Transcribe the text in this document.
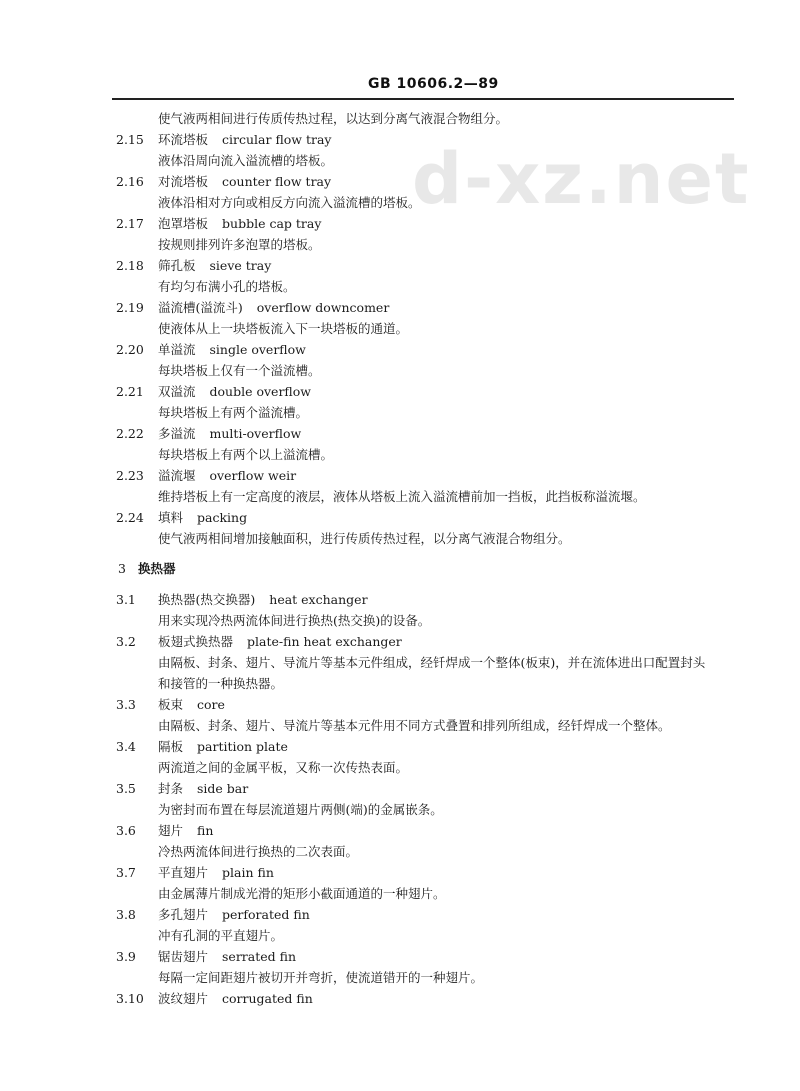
GB 10606.2—89
d-xz.net
使气液两相间进行传质传热过程，以达到分离气液混合物组分。
2.15 环流塔板 circular flow tray
液体沿周向流入溢流槽的塔板。
2.16 对流塔板 counter flow tray
液体沿相对方向或相反方向流入溢流槽的塔板。
2.17 泡罩塔板 bubble cap tray
按规则排列许多泡罩的塔板。
2.18 筛孔板 sieve tray
有均匀布满小孔的塔板。
2.19 溢流槽(溢流斗) overflow downcomer
使液体从上一块塔板流入下一块塔板的通道。
2.20 单溢流 single overflow
每块塔板上仅有一个溢流槽。
2.21 双溢流 double overflow
每块塔板上有两个溢流槽。
2.22 多溢流 multi-overflow
每块塔板上有两个以上溢流槽。
2.23 溢流堰 overflow weir
维持塔板上有一定高度的液层，液体从塔板上流入溢流槽前加一挡板，此挡板称溢流堰。
2.24 填料 packing
使气液两相间增加接触面积，进行传质传热过程，以分离气液混合物组分。
3 换热器
3.1 换热器(热交换器) heat exchanger
用来实现冷热两流体间进行换热(热交换)的设备。
3.2 板翅式换热器 plate-fin heat exchanger
由隔板、封条、翅片、导流片等基本元件组成，经钎焊成一个整体(板束)，并在流体进出口配置封头
和接管的一种换热器。
3.3 板束 core
由隔板、封条、翅片、导流片等基本元件用不同方式叠置和排列所组成，经钎焊成一个整体。
3.4 隔板 partition plate
两流道之间的金属平板，又称一次传热表面。
3.5 封条 side bar
为密封而布置在每层流道翅片两侧(端)的金属嵌条。
3.6 翅片 fin
冷热两流体间进行换热的二次表面。
3.7 平直翅片 plain fin
由金属薄片制成光滑的矩形小截面通道的一种翅片。
3.8 多孔翅片 perforated fin
冲有孔洞的平直翅片。
3.9 锯齿翅片 serrated fin
每隔一定间距翅片被切开并弯折，使流道错开的一种翅片。
3.10 波纹翅片 corrugated fin
